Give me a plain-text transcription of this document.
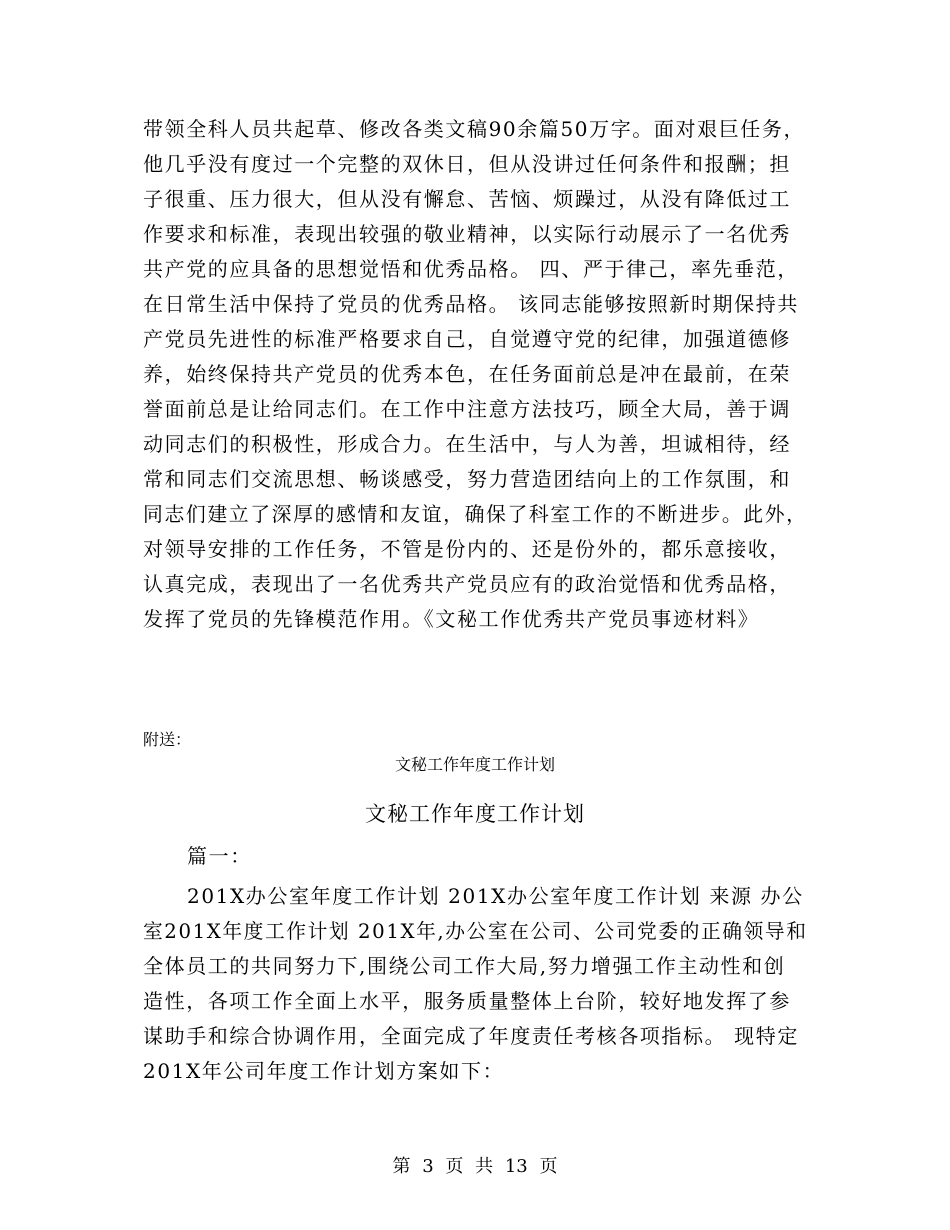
带领全科人员共起草、修改各类文稿90余篇50万字。面对艰巨任务，

他几乎没有度过一个完整的双休日，但从没讲过任何条件和报酬；担

子很重、压力很大，但从没有懈怠、苦恼、烦躁过，从没有降低过工

作要求和标准，表现出较强的敬业精神，以实际行动展示了一名优秀

共产党的应具备的思想觉悟和优秀品格。 四、严于律己，率先垂范，

在日常生活中保持了党员的优秀品格。 该同志能够按照新时期保持共

产党员先进性的标准严格要求自己，自觉遵守党的纪律，加强道德修

养，始终保持共产党员的优秀本色，在任务面前总是冲在最前，在荣

誉面前总是让给同志们。在工作中注意方法技巧，顾全大局，善于调

动同志们的积极性，形成合力。在生活中，与人为善，坦诚相待，经

常和同志们交流思想、畅谈感受，努力营造团结向上的工作氛围，和

同志们建立了深厚的感情和友谊，确保了科室工作的不断进步。此外，

对领导安排的工作任务，不管是份内的、还是份外的，都乐意接收，

认真完成，表现出了一名优秀共产党员应有的政治觉悟和优秀品格，

发挥了党员的先锋模范作用。《文秘工作优秀共产党员事迹材料》

附送：

文秘工作年度工作计划

文秘工作年度工作计划

篇一：

201X办公室年度工作计划 201X办公室年度工作计划 来源 办公

室201X年度工作计划 201X年,办公室在公司、公司党委的正确领导和

全体员工的共同努力下,围绕公司工作大局,努力增强工作主动性和创

造性，各项工作全面上水平，服务质量整体上台阶，较好地发挥了参

谋助手和综合协调作用，全面完成了年度责任考核各项指标。 现特定

201X年公司年度工作计划方案如下：

第 3 页 共 13 页
